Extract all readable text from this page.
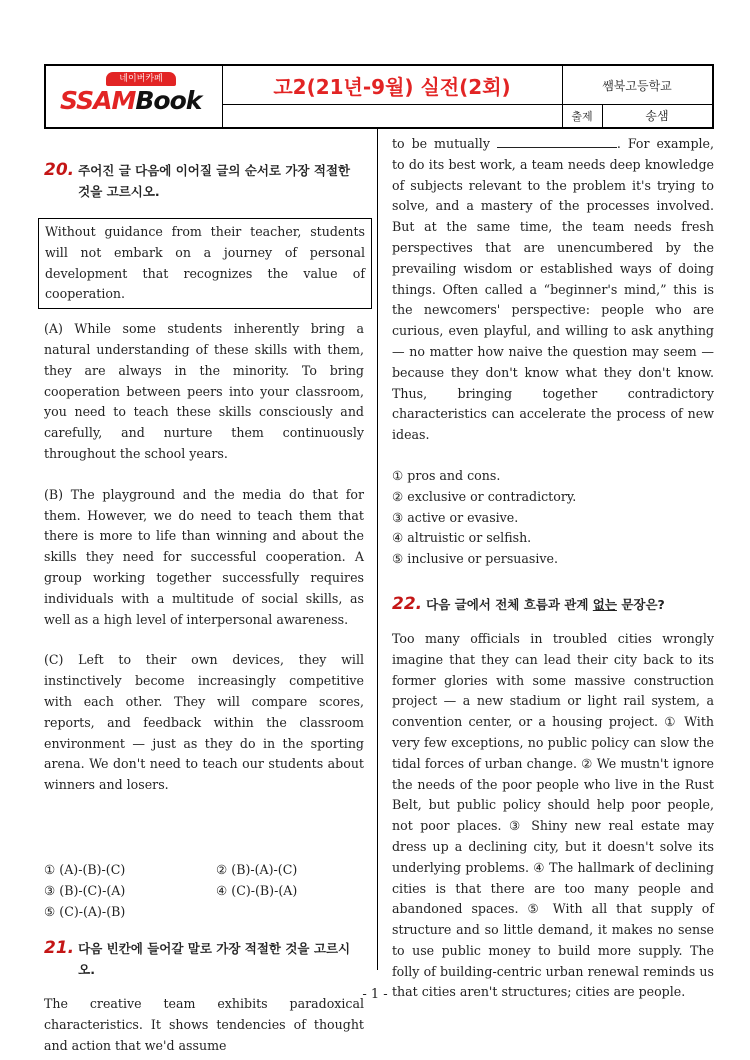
네이버카페
SSAMBook	고2(21년-9월) 실전(2회)	쌤북고등학교
출제	송샘
20. 주어진 글 다음에 이어질 글의 순서로 가장 적절한 것을 고르시오.

Without guidance from their teacher, students will not embark on a journey of personal development that recognizes the value of cooperation.

(A) While some students inherently bring a natural understanding of these skills with them, they are always in the minority. To bring cooperation between peers into your classroom, you need to teach these skills consciously and carefully, and nurture them continuously throughout the school years.

(B) The playground and the media do that for them. However, we do need to teach them that there is more to life than winning and about the skills they need for successful cooperation. A group working together successfully requires individuals with a multitude of social skills, as well as a high level of interpersonal awareness.

(C) Left to their own devices, they will instinctively become increasingly competitive with each other. They will compare scores, reports, and feedback within the classroom environment — just as they do in the sporting arena. We don't need to teach our students about winners and losers.

① (A)-(B)-(C)	② (B)-(A)-(C)
③ (B)-(C)-(A)	④ (C)-(B)-(A)
⑤ (C)-(A)-(B)
21. 다음 빈칸에 들어갈 말로 가장 적절한 것을 고르시오.

The creative team exhibits paradoxical characteristics. It shows tendencies of thought and action that we'd assume

to be mutually	. For example, to do its best work, a team needs deep knowledge of subjects relevant to the problem it's trying to solve, and a mastery of the processes involved. But at the same time, the team needs fresh perspectives that are unencumbered by the prevailing wisdom or established ways of doing things. Often called a “beginner's mind,” this is the newcomers' perspective: people who are curious, even playful, and willing to ask anything — no matter how naive the question may seem — because they don't know what they don't know. Thus, bringing together contradictory characteristics can accelerate the process of new ideas.

① pros and cons.
② exclusive or contradictory.
③ active or evasive.
④ altruistic or selfish.
⑤ inclusive or persuasive.
22. 다음 글에서 전체 흐름과 관계 없는 문장은?

Too many officials in troubled cities wrongly imagine that they can lead their city back to its former glories with some massive construction project — a new stadium or light rail system, a convention center, or a housing project. ① With very few exceptions, no public policy can slow the tidal forces of urban change. ② We mustn't ignore the needs of the poor people who live in the Rust Belt, but public policy should help poor people, not poor places. ③ Shiny new real estate may dress up a declining city, but it doesn't solve its underlying problems. ④ The hallmark of declining cities is that there are too many people and abandoned spaces. ⑤ With all that supply of structure and so little demand, it makes no sense to use public money to build more supply. The folly of building-centric urban renewal reminds us that cities aren't structures; cities are people.

- 1 -
